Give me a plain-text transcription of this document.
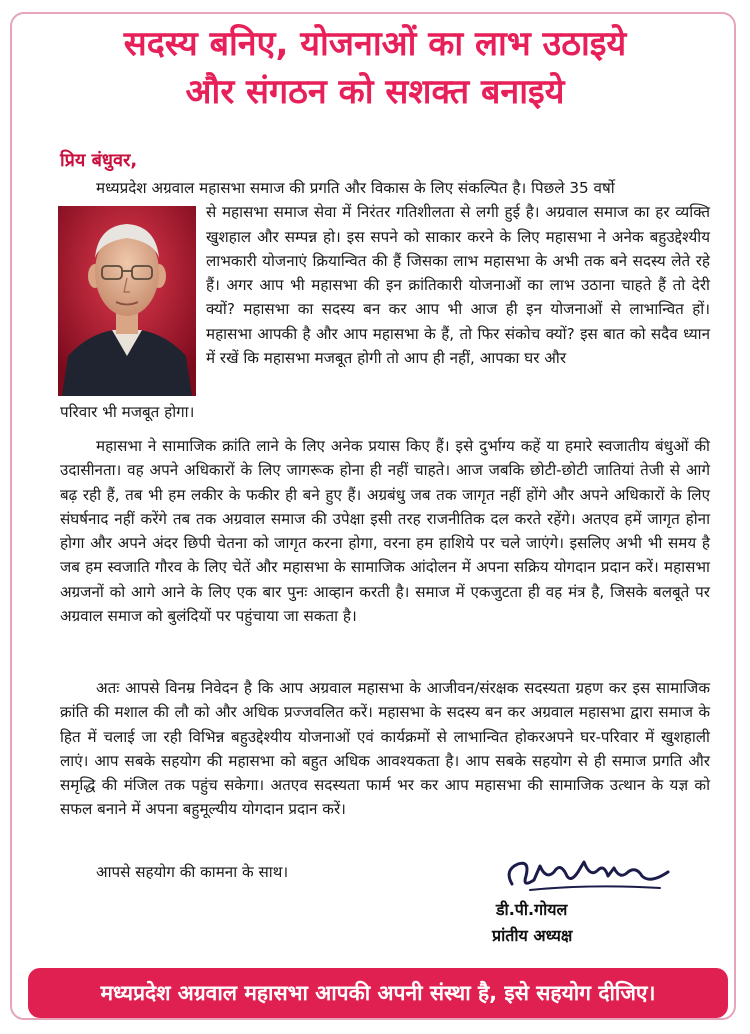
सदस्य बनिए, योजनाओं का लाभ उठाइये
और संगठन को सशक्त बनाइये

प्रिय बंधुवर,

मध्यप्रदेश अग्रवाल महासभा समाज की प्रगति और विकास के लिए संकल्पित है। पिछले 35 वर्षो

से महासभा समाज सेवा में निरंतर गतिशीलता से लगी हुई है। अग्रवाल समाज का हर व्यक्ति खुशहाल और सम्पन्न हो। इस सपने को साकार करने के लिए महासभा ने अनेक बहुउद्देश्यीय लाभकारी योजनाएं क्रियान्वित की हैं जिसका लाभ महासभा के अभी तक बने सदस्य लेते रहे हैं। अगर आप भी महासभा की इन क्रांतिकारी योजनाओं का लाभ उठाना चाहते हैं तो देरी क्यों? महासभा का सदस्य बन कर आप भी आज ही इन योजनाओं से लाभान्वित हों। महासभा आपकी है और आप महासभा के हैं, तो फिर संकोच क्यों? इस बात को सदैव ध्यान में रखें कि महासभा मजबूत होगी तो आप ही नहीं, आपका घर और

परिवार भी मजबूत होगा।

महासभा ने सामाजिक क्रांति लाने के लिए अनेक प्रयास किए हैं। इसे दुर्भाग्य कहें या हमारे स्वजातीय बंधुओं की उदासीनता। वह अपने अधिकारों के लिए जागरूक होना ही नहीं चाहते। आज जबकि छोटी-छोटी जातियां तेजी से आगे बढ़ रही हैं, तब भी हम लकीर के फकीर ही बने हुए हैं। अग्रबंधु जब तक जागृत नहीं होंगे और अपने अधिकारों के लिए संघर्षनाद नहीं करेंगे तब तक अग्रवाल समाज की उपेक्षा इसी तरह राजनीतिक दल करते रहेंगे। अतएव हमें जागृत होना होगा और अपने अंदर छिपी चेतना को जागृत करना होगा, वरना हम हाशिये पर चले जाएंगे। इसलिए अभी भी समय है जब हम स्वजाति गौरव के लिए चेतें और महासभा के सामाजिक आंदोलन में अपना सक्रिय योगदान प्रदान करें। महासभा अग्रजनों को आगे आने के लिए एक बार पुनः आव्हान करती है। समाज में एकजुटता ही वह मंत्र है, जिसके बलबूते पर अग्रवाल समाज को बुलंदियों पर पहुंचाया जा सकता है।

अतः आपसे विनम्र निवेदन है कि आप अग्रवाल महासभा के आजीवन/संरक्षक सदस्यता ग्रहण कर इस सामाजिक क्रांति की मशाल की लौ को और अधिक प्रज्जवलित करें। महासभा के सदस्य बन कर अग्रवाल महासभा द्वारा समाज के हित में चलाई जा रही विभिन्न बहुउद्देश्यीय योजनाओं एवं कार्यक्रमों से लाभान्वित होकरअपने घर-परिवार में खुशहाली लाएं। आप सबके सहयोग की महासभा को बहुत अधिक आवश्यकता है। आप सबके सहयोग से ही समाज प्रगति और समृद्धि की मंजिल तक पहुंच सकेगा। अतएव सदस्यता फार्म भर कर आप महासभा की सामाजिक उत्थान के यज्ञ को सफल बनाने में अपना बहुमूल्यीय योगदान प्रदान करें।

आपसे सहयोग की कामना के साथ।

डी.पी.गोयल

प्रांतीय अध्यक्ष

मध्यप्रदेश अग्रवाल महासभा आपकी अपनी संस्था है, इसे सहयोग दीजिए।
